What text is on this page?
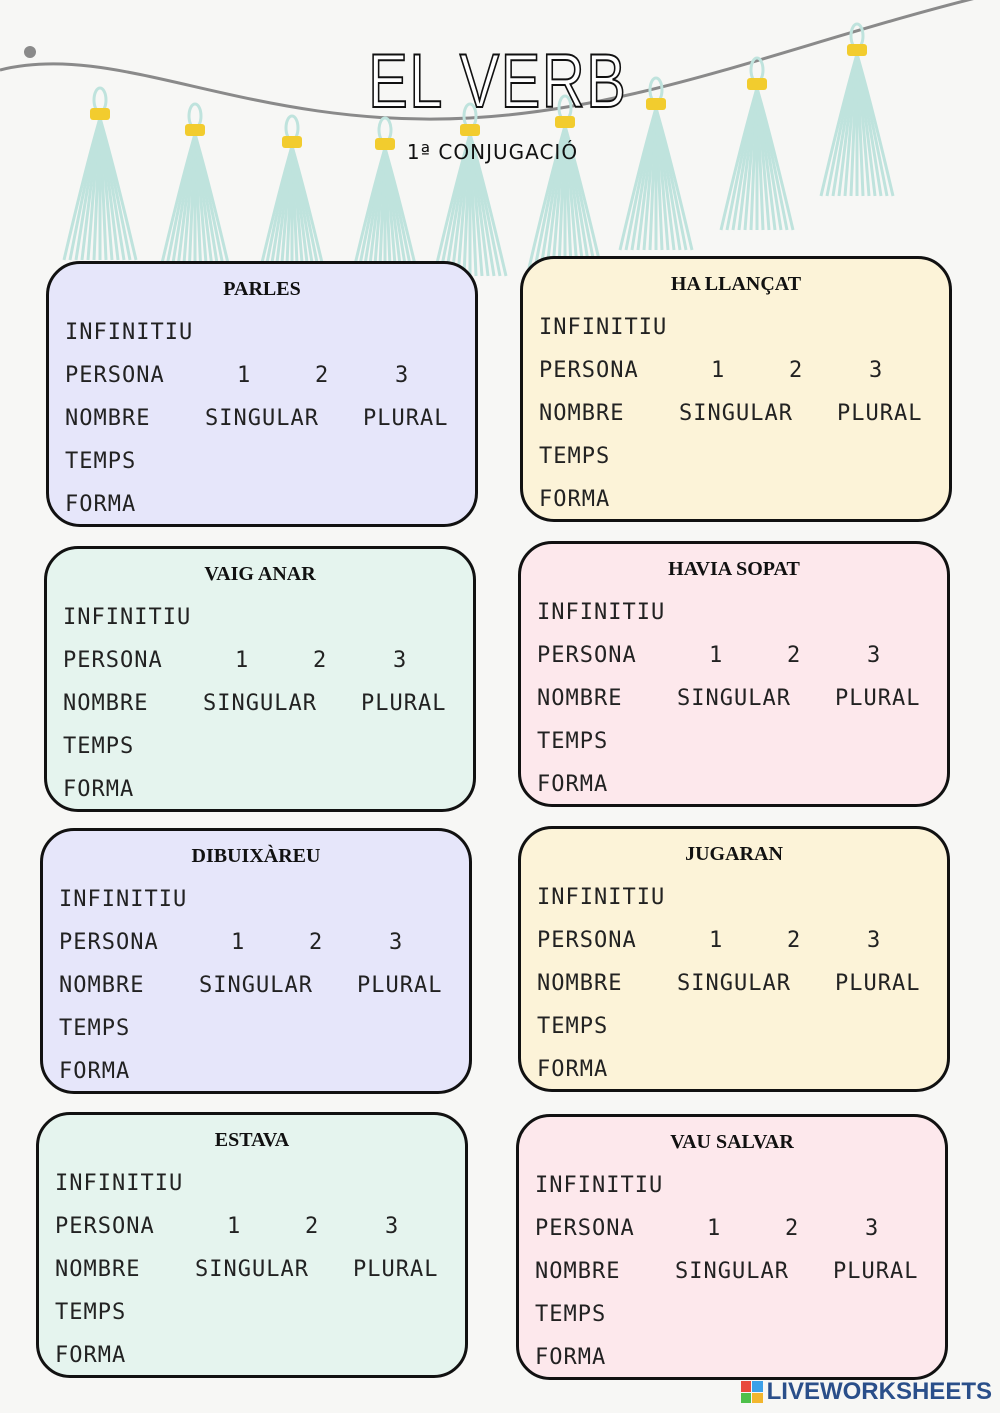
EL VERB
1ª CONJUGACIÓ
PARLES
INFINITIU
PERSONA	1	2	3
NOMBRE SINGULAR PLURAL
TEMPS
FORMA
HA LLANÇAT
INFINITIU
PERSONA	1	2	3
NOMBRE SINGULAR PLURAL
TEMPS
FORMA
VAIG ANAR
INFINITIU
PERSONA	1	2	3
NOMBRE SINGULAR PLURAL
TEMPS
FORMA
HAVIA SOPAT
INFINITIU
PERSONA	1	2	3
NOMBRE SINGULAR PLURAL
TEMPS
FORMA
DIBUIXÀREU
INFINITIU
PERSONA	1	2	3
NOMBRE SINGULAR PLURAL
TEMPS
FORMA
JUGARAN
INFINITIU
PERSONA	1	2	3
NOMBRE SINGULAR PLURAL
TEMPS
FORMA
ESTAVA
INFINITIU
PERSONA	1	2	3
NOMBRE SINGULAR PLURAL
TEMPS
FORMA
VAU SALVAR
INFINITIU
PERSONA	1	2	3
NOMBRE SINGULAR PLURAL
TEMPS
FORMA
LIVEWORKSHEETS
